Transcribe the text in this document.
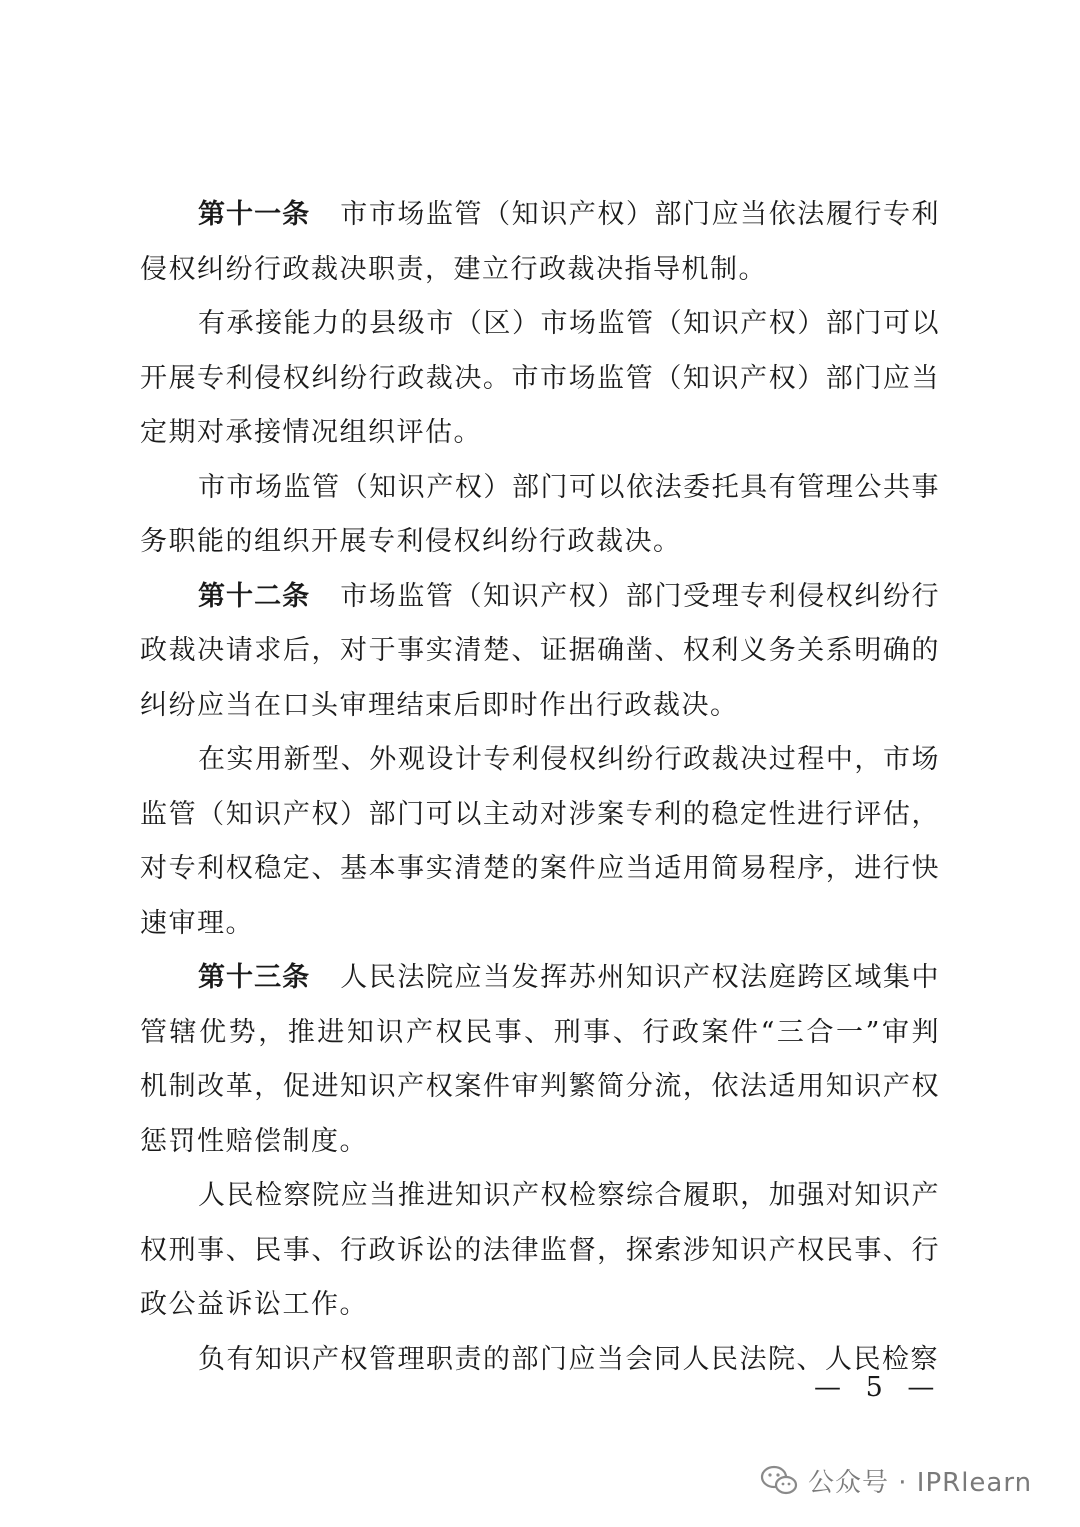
第十一条 市市场监管（知识产权）部门应当依法履行专利侵权纠纷行政裁决职责，建立行政裁决指导机制。

有承接能力的县级市（区）市场监管（知识产权）部门可以开展专利侵权纠纷行政裁决。市市场监管（知识产权）部门应当定期对承接情况组织评估。

市市场监管（知识产权）部门可以依法委托具有管理公共事务职能的组织开展专利侵权纠纷行政裁决。

第十二条 市场监管（知识产权）部门受理专利侵权纠纷行政裁决请求后，对于事实清楚、证据确凿、权利义务关系明确的纠纷应当在口头审理结束后即时作出行政裁决。

在实用新型、外观设计专利侵权纠纷行政裁决过程中，市场监管（知识产权）部门可以主动对涉案专利的稳定性进行评估，对专利权稳定、基本事实清楚的案件应当适用简易程序，进行快速审理。

第十三条 人民法院应当发挥苏州知识产权法庭跨区域集中管辖优势，推进知识产权民事、刑事、行政案件“三合一”审判机制改革，促进知识产权案件审判繁简分流，依法适用知识产权惩罚性赔偿制度。

人民检察院应当推进知识产权检察综合履职，加强对知识产权刑事、民事、行政诉讼的法律监督，探索涉知识产权民事、行政公益诉讼工作。

负有知识产权管理职责的部门应当会同人民法院、人民检察

— 5 —
公众号 · IPRlearn
